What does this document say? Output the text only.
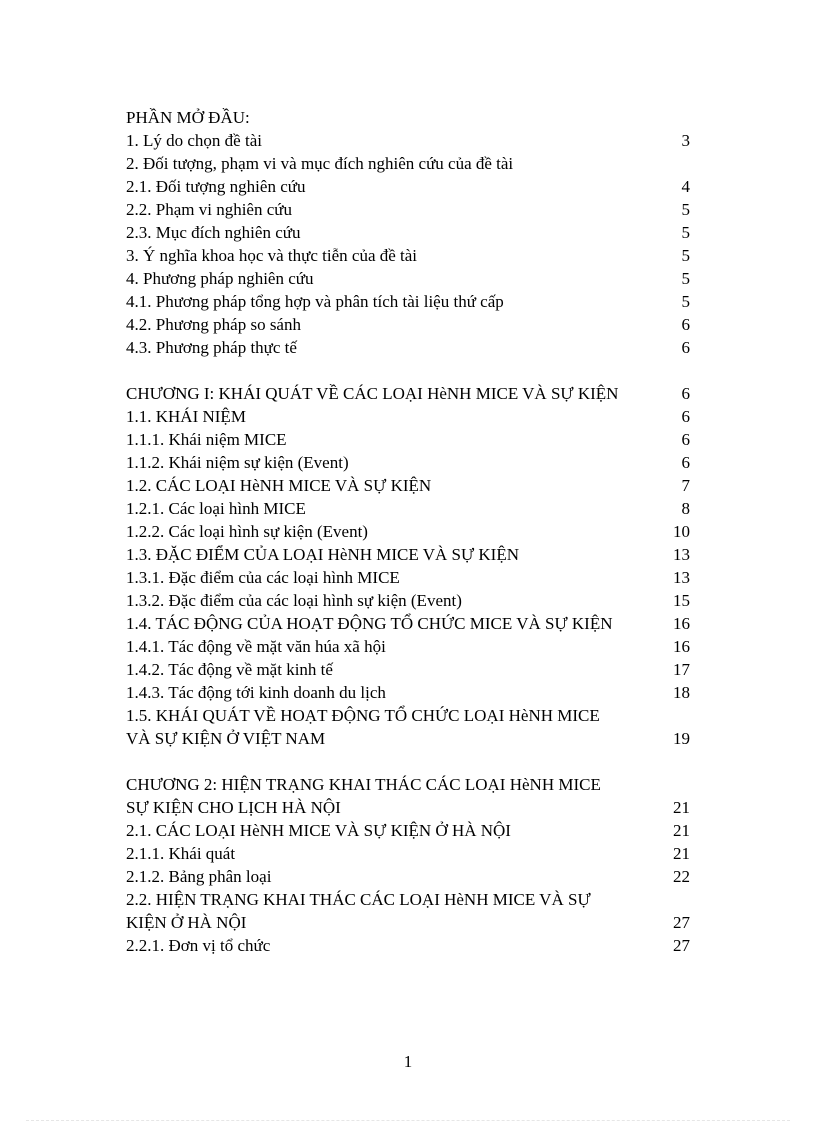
PHẦN MỞ ĐẦU:
1. Lý do chọn đề tài	3
2. Đối tượng, phạm vi và mục đích nghiên cứu của đề tài
2.1. Đối tượng nghiên cứu	4
2.2. Phạm vi nghiên cứu	5
2.3. Mục đích nghiên cứu	5
3. Ý nghĩa khoa học và thực tiễn của đề tài	5
4. Phương pháp nghiên cứu	5
4.1. Phương pháp tổng hợp và phân tích tài liệu thứ cấp	5
4.2. Phương pháp so sánh	6
4.3. Phương pháp thực tế	6
CHƯƠNG I: KHÁI QUÁT VỀ CÁC LOẠI HèNH MICE VÀ SỰ KIỆN	6
1.1. KHÁI NIỆM	6
1.1.1. Khái niệm MICE	6
1.1.2. Khái niệm sự kiện (Event)	6
1.2. CÁC LOẠI HèNH MICE VÀ SỰ KIỆN	7
1.2.1. Các loại hình MICE	8
1.2.2. Các loại hình sự kiện (Event)	10
1.3. ĐẶC ĐIỂM CỦA LOẠI HèNH MICE VÀ SỰ KIỆN	13
1.3.1. Đặc điểm của các loại hình MICE	13
1.3.2. Đặc điểm của các loại hình sự kiện (Event)	15
1.4. TÁC ĐỘNG CỦA HOẠT ĐỘNG TỔ CHỨC MICE VÀ SỰ KIỆN	16
1.4.1. Tác động về mặt văn húa xã hội	16
1.4.2. Tác động về mặt kinh tế	17
1.4.3. Tác động tới kinh doanh du lịch	18
1.5. KHÁI QUÁT VỀ HOẠT ĐỘNG TỔ CHỨC LOẠI HèNH MICE VÀ SỰ KIỆN Ở VIỆT NAM	19
CHƯƠNG 2: HIỆN TRẠNG KHAI THÁC CÁC LOẠI HèNH MICE SỰ KIỆN CHO LỊCH HÀ NỘI	21
2.1. CÁC LOẠI HèNH MICE VÀ SỰ KIỆN Ở HÀ NỘI	21
2.1.1. Khái quát	21
2.1.2. Bảng phân loại	22
2.2. HIỆN TRẠNG KHAI THÁC CÁC LOẠI HèNH MICE VÀ SỰ KIỆN Ở HÀ NỘI	27
2.2.1. Đơn vị tổ chức	27
1
